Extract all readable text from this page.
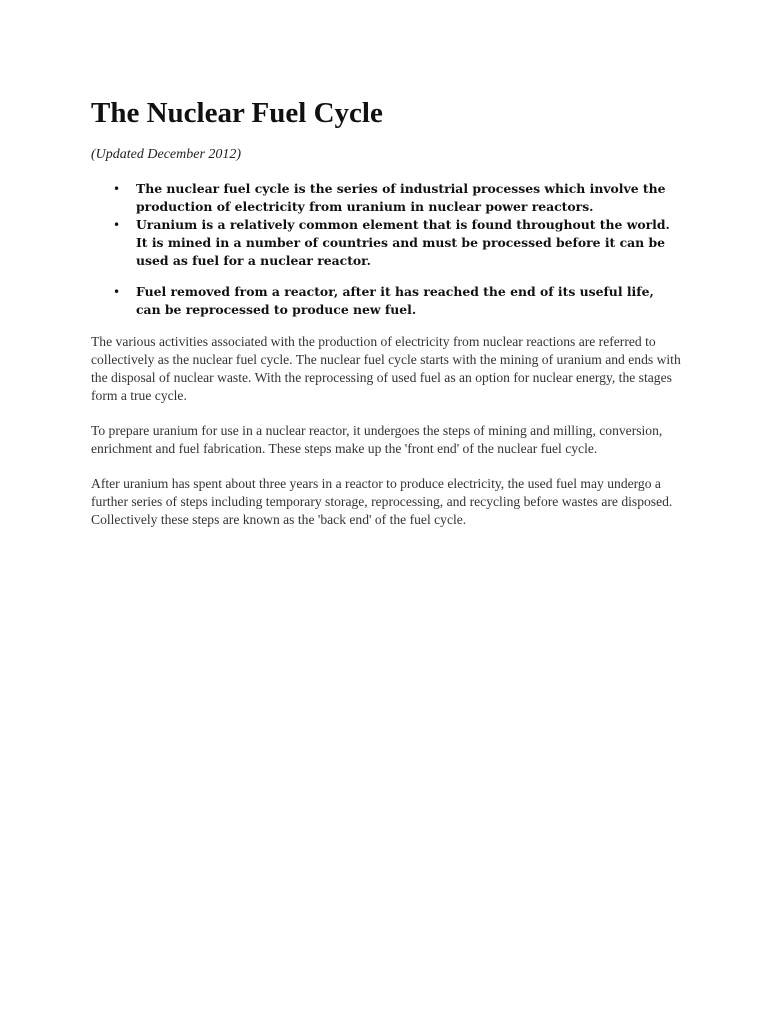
The Nuclear Fuel Cycle

(Updated December 2012)

• The nuclear fuel cycle is the series of industrial processes which involve the production of electricity from uranium in nuclear power reactors.
• Uranium is a relatively common element that is found throughout the world. It is mined in a number of countries and must be processed before it can be used as fuel for a nuclear reactor.
• Fuel removed from a reactor, after it has reached the end of its useful life, can be reprocessed to produce new fuel.

The various activities associated with the production of electricity from nuclear reactions are referred to collectively as the nuclear fuel cycle. The nuclear fuel cycle starts with the mining of uranium and ends with the disposal of nuclear waste. With the reprocessing of used fuel as an option for nuclear energy, the stages form a true cycle.

To prepare uranium for use in a nuclear reactor, it undergoes the steps of mining and milling, conversion, enrichment and fuel fabrication. These steps make up the 'front end' of the nuclear fuel cycle.

After uranium has spent about three years in a reactor to produce electricity, the used fuel may undergo a further series of steps including temporary storage, reprocessing, and recycling before wastes are disposed. Collectively these steps are known as the 'back end' of the fuel cycle.
